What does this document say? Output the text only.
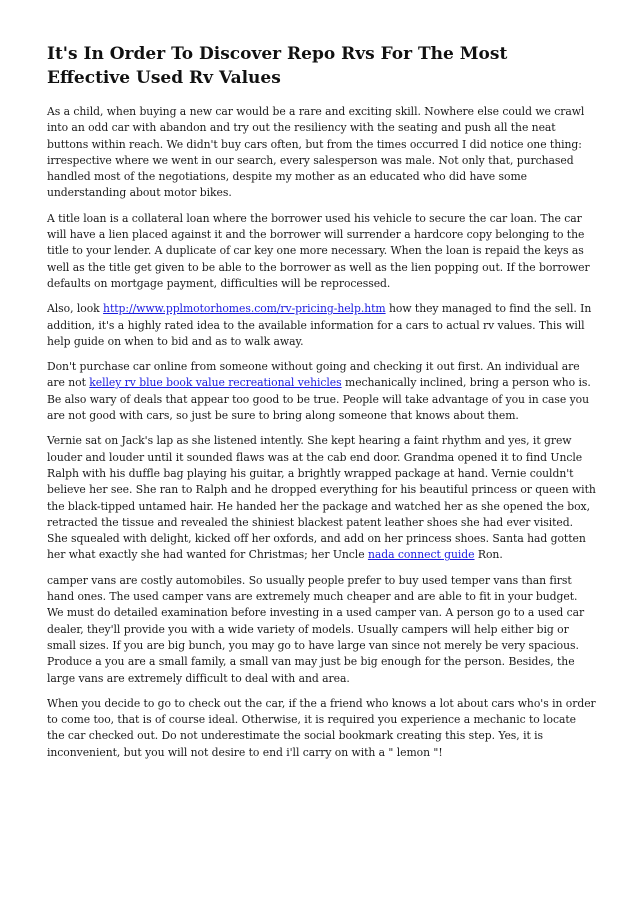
It's In Order To Discover Repo Rvs For The Most Effective Used Rv Values

As a child, when buying a new car would be a rare and exciting skill. Nowhere else could we crawl into an odd car with abandon and try out the resiliency with the seating and push all the neat buttons within reach. We didn't buy cars often, but from the times occurred I did notice one thing: irrespective where we went in our search, every salesperson was male. Not only that, purchased handled most of the negotiations, despite my mother as an educated who did have some understanding about motor bikes.

A title loan is a collateral loan where the borrower used his vehicle to secure the car loan. The car will have a lien placed against it and the borrower will surrender a hardcore copy belonging to the title to your lender. A duplicate of car key one more necessary. When the loan is repaid the keys as well as the title get given to be able to the borrower as well as the lien popping out. If the borrower defaults on mortgage payment, difficulties will be reprocessed.

Also, look http://www.pplmotorhomes.com/rv-pricing-help.htm how they managed to find the sell. In addition, it's a highly rated idea to the available information for a cars to actual rv values. This will help guide on when to bid and as to walk away.

Don't purchase car online from someone without going and checking it out first. An individual are are not kelley rv blue book value recreational vehicles mechanically inclined, bring a person who is. Be also wary of deals that appear too good to be true. People will take advantage of you in case you are not good with cars, so just be sure to bring along someone that knows about them.

Vernie sat on Jack's lap as she listened intently. She kept hearing a faint rhythm and yes, it grew louder and louder until it sounded flaws was at the cab end door. Grandma opened it to find Uncle Ralph with his duffle bag playing his guitar, a brightly wrapped package at hand. Vernie couldn't believe her see. She ran to Ralph and he dropped everything for his beautiful princess or queen with the black-tipped untamed hair. He handed her the package and watched her as she opened the box, retracted the tissue and revealed the shiniest blackest patent leather shoes she had ever visited. She squealed with delight, kicked off her oxfords, and add on her princess shoes. Santa had gotten her what exactly she had wanted for Christmas; her Uncle nada connect guide Ron.

camper vans are costly automobiles. So usually people prefer to buy used temper vans than first hand ones. The used camper vans are extremely much cheaper and are able to fit in your budget. We must do detailed examination before investing in a used camper van. A person go to a used car dealer, they'll provide you with a wide variety of models. Usually campers will help either big or small sizes. If you are big bunch, you may go to have large van since not merely be very spacious. Produce a you are a small family, a small van may just be big enough for the person. Besides, the large vans are extremely difficult to deal with and area.

When you decide to go to check out the car, if the a friend who knows a lot about cars who's in order to come too, that is of course ideal. Otherwise, it is required you experience a mechanic to locate the car checked out. Do not underestimate the social bookmark creating this step. Yes, it is inconvenient, but you will not desire to end i'll carry on with a " lemon "!
